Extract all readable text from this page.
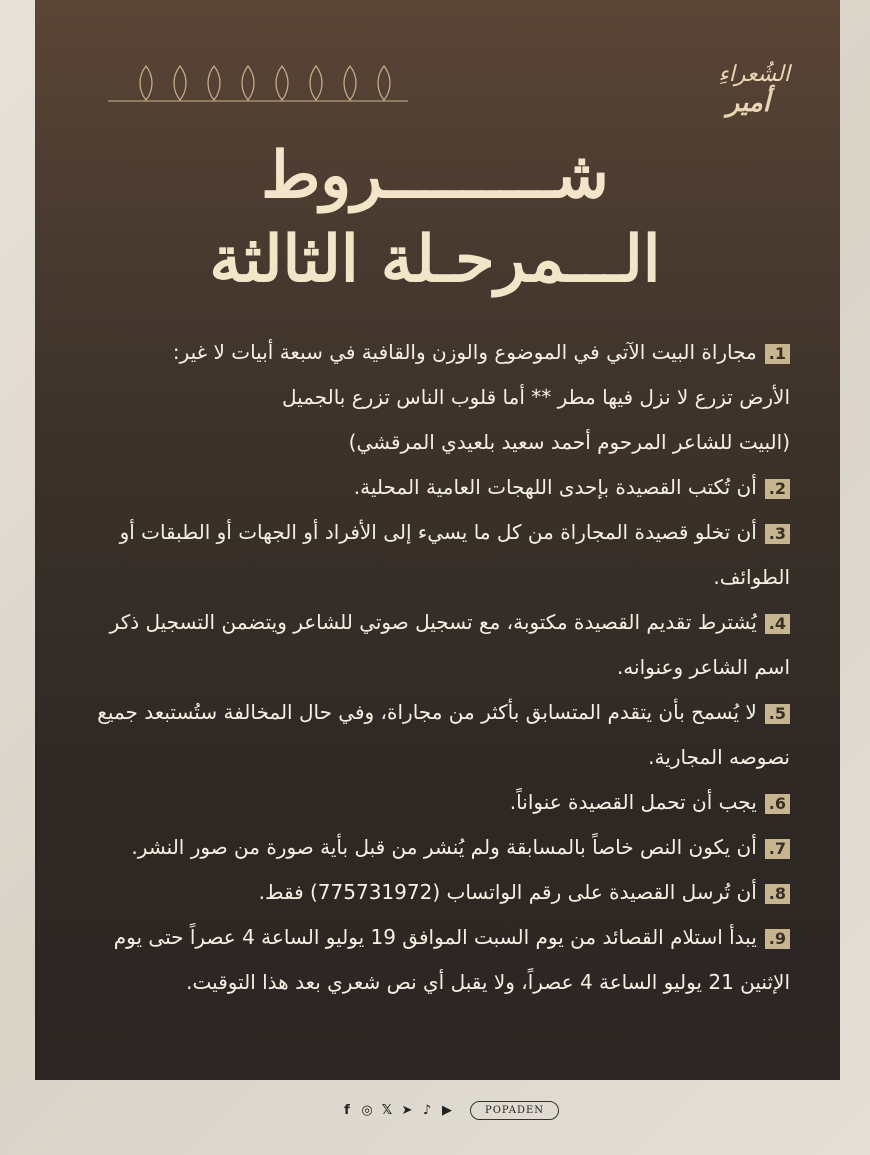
الشُعراءِ
أمير
شـــــــــروط
الـــمرحـلة الثالثة
1.مجاراة البيت الآتي في الموضوع والوزن والقافية في سبعة أبيات لا غير:
الأرض تزرع لا نزل فيها مطر ** أما قلوب الناس تزرع بالجميل
(البيت للشاعر المرحوم أحمد سعيد بلعيدي المرقشي)
2.أن تُكتب القصيدة بإحدى اللهجات العامية المحلية.
3.أن تخلو قصيدة المجاراة من كل ما يسيء إلى الأفراد أو الجهات أو الطبقات أو الطوائف.
4.يُشترط تقديم القصيدة مكتوبة، مع تسجيل صوتي للشاعر ويتضمن التسجيل ذكر اسم الشاعر وعنوانه.
5.لا يُسمح بأن يتقدم المتسابق بأكثر من مجاراة، وفي حال المخالفة ستُستبعد جميع نصوصه المجارية.
6.يجب أن تحمل القصيدة عنواناً.
7.أن يكون النص خاصاً بالمسابقة ولم يُنشر من قبل بأية صورة من صور النشر.
8.أن تُرسل القصيدة على رقم الواتساب (775731972) فقط.
9.يبدأ استلام القصائد من يوم السبت الموافق 19 يوليو الساعة 4 عصراً حتى يوم الإثنين 21 يوليو الساعة 4 عصراً، ولا يقبل أي نص شعري بعد هذا التوقيت.
f ◎ 𝕏 ➤ ♪ ▶	POPADEN
